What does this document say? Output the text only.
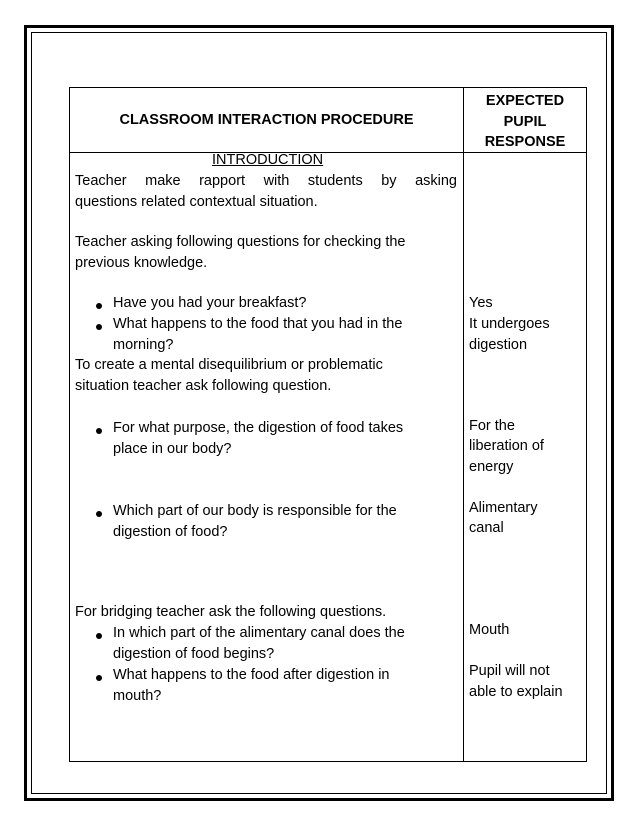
CLASSROOM INTERACTION PROCEDURE
EXPECTED
PUPIL
RESPONSE
INTRODUCTION
Teacher make rapport with students by asking
questions related contextual situation.
Teacher asking following questions for checking the
previous knowledge.
Have you had your breakfast?
What happens to the food that you had in the
morning?
To create a mental disequilibrium or problematic
situation teacher ask following question.
For what purpose, the digestion of food takes
place in our body?
Which part of our body is responsible for the
digestion of food?
For bridging teacher ask the following questions.
In which part of the alimentary canal does the
digestion of food begins?
What happens to the food after digestion in
mouth?
Yes
It undergoes
digestion
For the
liberation of
energy
Alimentary
canal
Mouth
Pupil will not
able to explain
